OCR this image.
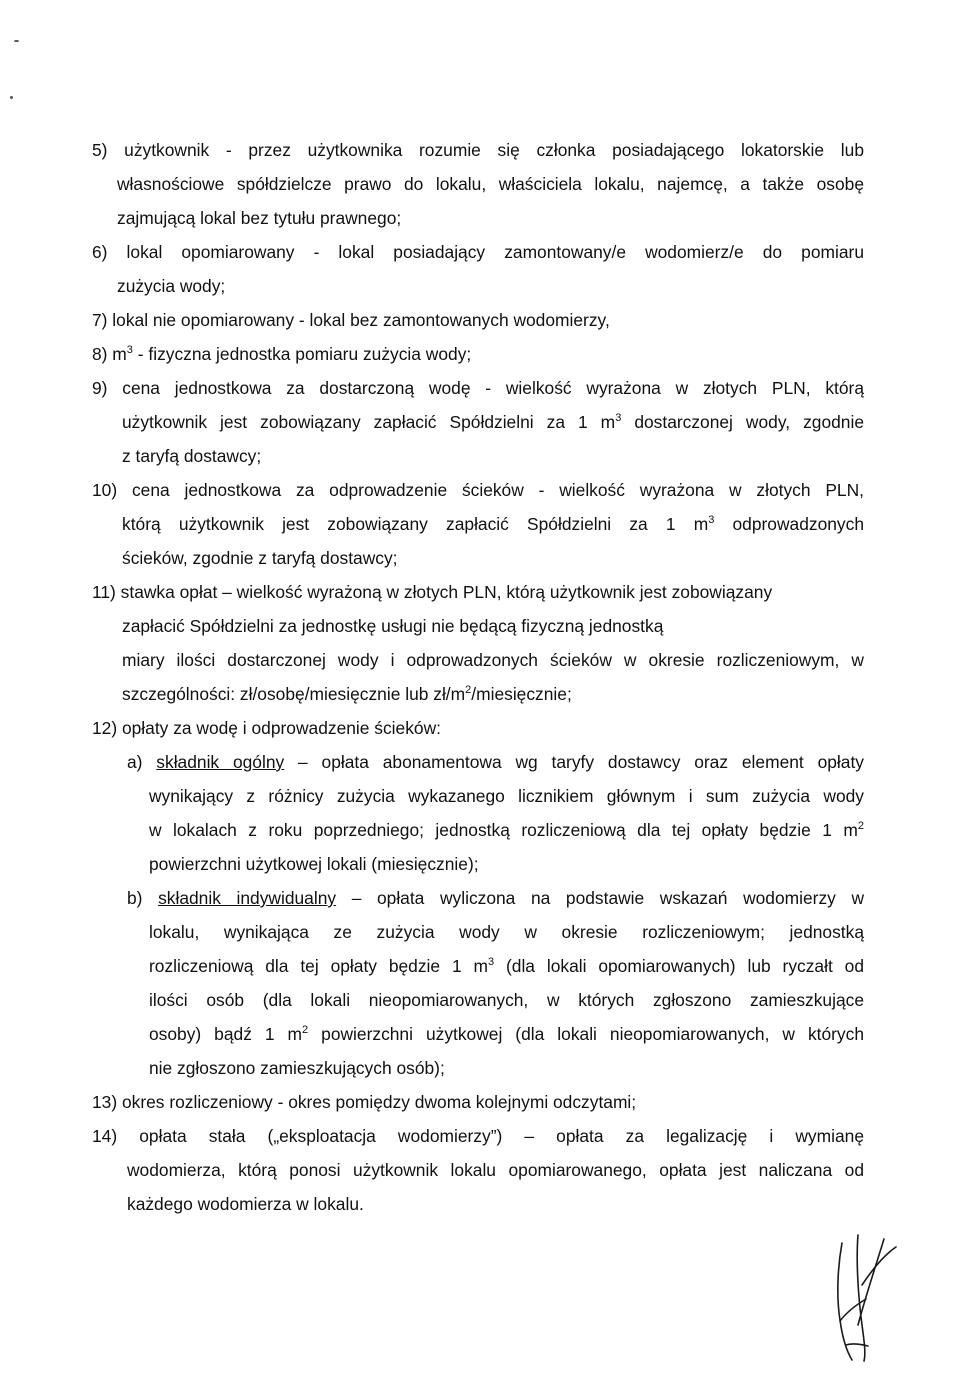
5) użytkownik - przez użytkownika rozumie się członka posiadającego lokatorskie lub
własnościowe spółdzielcze prawo do lokalu, właściciela lokalu, najemcę, a także osobę
zajmującą lokal bez tytułu prawnego;
6) lokal opomiarowany - lokal posiadający zamontowany/e wodomierz/e do pomiaru
zużycia wody;
7) lokal nie opomiarowany - lokal bez zamontowanych wodomierzy,
8) $m^3$ - fizyczna jednostka pomiaru zużycia wody;
9) cena jednostkowa za dostarczoną wodę - wielkość wyrażona w złotych PLN, którą
użytkownik jest zobowiązany zapłacić Spółdzielni za 1 $m^3$ dostarczonej wody, zgodnie
z taryfą dostawcy;
10) cena jednostkowa za odprowadzenie ścieków - wielkość wyrażona w złotych PLN,
którą użytkownik jest zobowiązany zapłacić Spółdzielni za 1 $m^3$ odprowadzonych
ścieków, zgodnie z taryfą dostawcy;
11) stawka opłat – wielkość wyrażoną w złotych PLN, którą użytkownik jest zobowiązany
zapłacić Spółdzielni za jednostkę usługi nie będącą fizyczną jednostką
miary ilości dostarczonej wody i odprowadzonych ścieków w okresie rozliczeniowym, w
szczególności: zł/osobę/miesięcznie lub $zł/m^2$/miesięcznie;
12) opłaty za wodę i odprowadzenie ścieków:
a) składnik ogólny – opłata abonamentowa wg taryfy dostawcy oraz element opłaty
wynikający z różnicy zużycia wykazanego licznikiem głównym i sum zużycia wody
w lokalach z roku poprzedniego; jednostką rozliczeniową dla tej opłaty będzie 1 $m^2$
powierzchni użytkowej lokali (miesięcznie);
b) składnik indywidualny – opłata wyliczona na podstawie wskazań wodomierzy w
lokalu, wynikająca ze zużycia wody w okresie rozliczeniowym; jednostką
rozliczeniową dla tej opłaty będzie 1 $m^3$ (dla lokali opomiarowanych) lub ryczałt od
ilości osób (dla lokali nieopomiarowanych, w których zgłoszono zamieszkujące
osoby) bądź 1 $m^2$ powierzchni użytkowej (dla lokali nieopomiarowanych, w których
nie zgłoszono zamieszkujących osób);
13) okres rozliczeniowy - okres pomiędzy dwoma kolejnymi odczytami;
14) opłata stała („eksploatacja wodomierzy”) – opłata za legalizację i wymianę
wodomierza, którą ponosi użytkownik lokalu opomiarowanego, opłata jest naliczana od
każdego wodomierza w lokalu.
